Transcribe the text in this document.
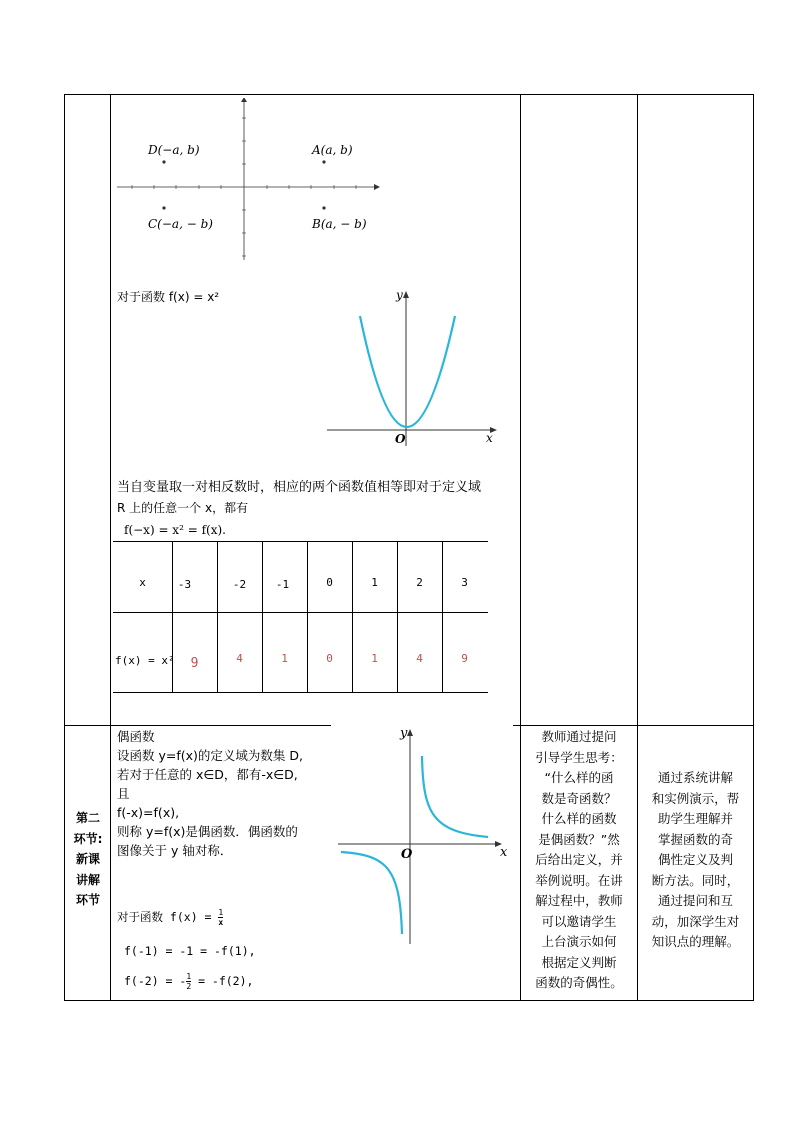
D(−a, b)	A(a, b)
C(−a, − b)	B(a, − b)
对于函数 f(x) = x²	y
x
O
当自变量取一对相反数时，相应的两个函数值相等即对于定义域
R 上的任意一个 x，都有
f(−x) = x² = f(x).
x	-3	-2	-1	0	1	2	3
f(x) = x²	9	4	1	0	1	4	9
第二
环节:
新课
讲解
环节
偶函数
设函数 y=f(x)的定义域为数集 D,
若对于任意的 x∈D，都有-x∈D,
且
f(-x)=f(x),
则称 y=f(x)是偶函数．偶函数的
图像关于 y 轴对称．
对于函数 $f(x) = \frac{1}{x}$
f(-1) = -1 = -f(1),
f(-2) = - $\frac{1}{2} = -f(2)$,
y
x
O
教师通过提问
引导学生思考：
“什么样的函
数是奇函数？
什么样的函数
是偶函数？”然
后给出定义，并
举例说明。在讲
解过程中，教师
可以邀请学生
上台演示如何
根据定义判断
函数的奇偶性。
通过系统讲解
和实例演示，帮
助学生理解并
掌握函数的奇
偶性定义及判
断方法。同时，
通过提问和互
动，加深学生对
知识点的理解。
